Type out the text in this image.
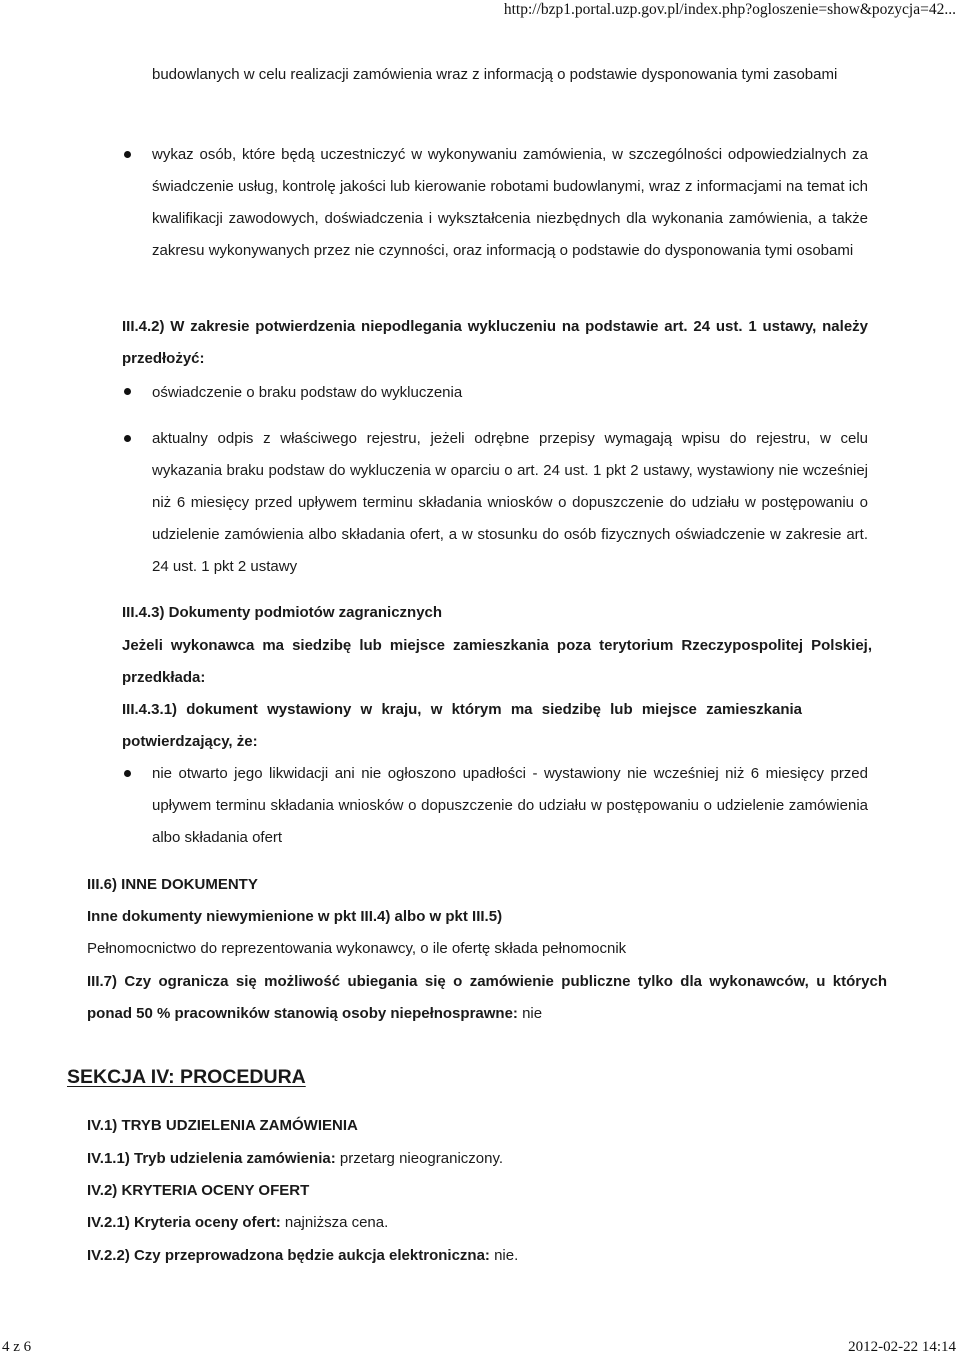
http://bzp1.portal.uzp.gov.pl/index.php?ogloszenie=show&pozycja=42...
budowlanych w celu realizacji zamówienia wraz z informacją o podstawie dysponowania tymi zasobami
wykaz osób, które będą uczestniczyć w wykonywaniu zamówienia, w szczególności odpowiedzialnych za świadczenie usług, kontrolę jakości lub kierowanie robotami budowlanymi, wraz z informacjami na temat ich kwalifikacji zawodowych, doświadczenia i wykształcenia niezbędnych dla wykonania zamówienia, a także zakresu wykonywanych przez nie czynności, oraz informacją o podstawie do dysponowania tymi osobami
III.4.2) W zakresie potwierdzenia niepodlegania wykluczeniu na podstawie art. 24 ust. 1 ustawy, należy przedłożyć:
oświadczenie o braku podstaw do wykluczenia
aktualny odpis z właściwego rejestru, jeżeli odrębne przepisy wymagają wpisu do rejestru, w celu wykazania braku podstaw do wykluczenia w oparciu o art. 24 ust. 1 pkt 2 ustawy, wystawiony nie wcześniej niż 6 miesięcy przed upływem terminu składania wniosków o dopuszczenie do udziału w postępowaniu o udzielenie zamówienia albo składania ofert, a w stosunku do osób fizycznych oświadczenie w zakresie art. 24 ust. 1 pkt 2 ustawy
III.4.3) Dokumenty podmiotów zagranicznych
Jeżeli wykonawca ma siedzibę lub miejsce zamieszkania poza terytorium Rzeczypospolitej Polskiej, przedkłada:
III.4.3.1) dokument wystawiony w kraju, w którym ma siedzibę lub miejsce zamieszkania potwierdzający, że:
nie otwarto jego likwidacji ani nie ogłoszono upadłości - wystawiony nie wcześniej niż 6 miesięcy przed upływem terminu składania wniosków o dopuszczenie do udziału w postępowaniu o udzielenie zamówienia albo składania ofert
III.6) INNE DOKUMENTY
Inne dokumenty niewymienione w pkt III.4) albo w pkt III.5)
Pełnomocnictwo do reprezentowania wykonawcy, o ile ofertę składa pełnomocnik
III.7) Czy ogranicza się możliwość ubiegania się o zamówienie publiczne tylko dla wykonawców, u których ponad 50 % pracowników stanowią osoby niepełnosprawne: nie
SEKCJA IV: PROCEDURA
IV.1) TRYB UDZIELENIA ZAMÓWIENIA
IV.1.1) Tryb udzielenia zamówienia: przetarg nieograniczony.
IV.2) KRYTERIA OCENY OFERT
IV.2.1) Kryteria oceny ofert: najniższa cena.
IV.2.2) Czy przeprowadzona będzie aukcja elektroniczna: nie.
4 z 6	2012-02-22 14:14
